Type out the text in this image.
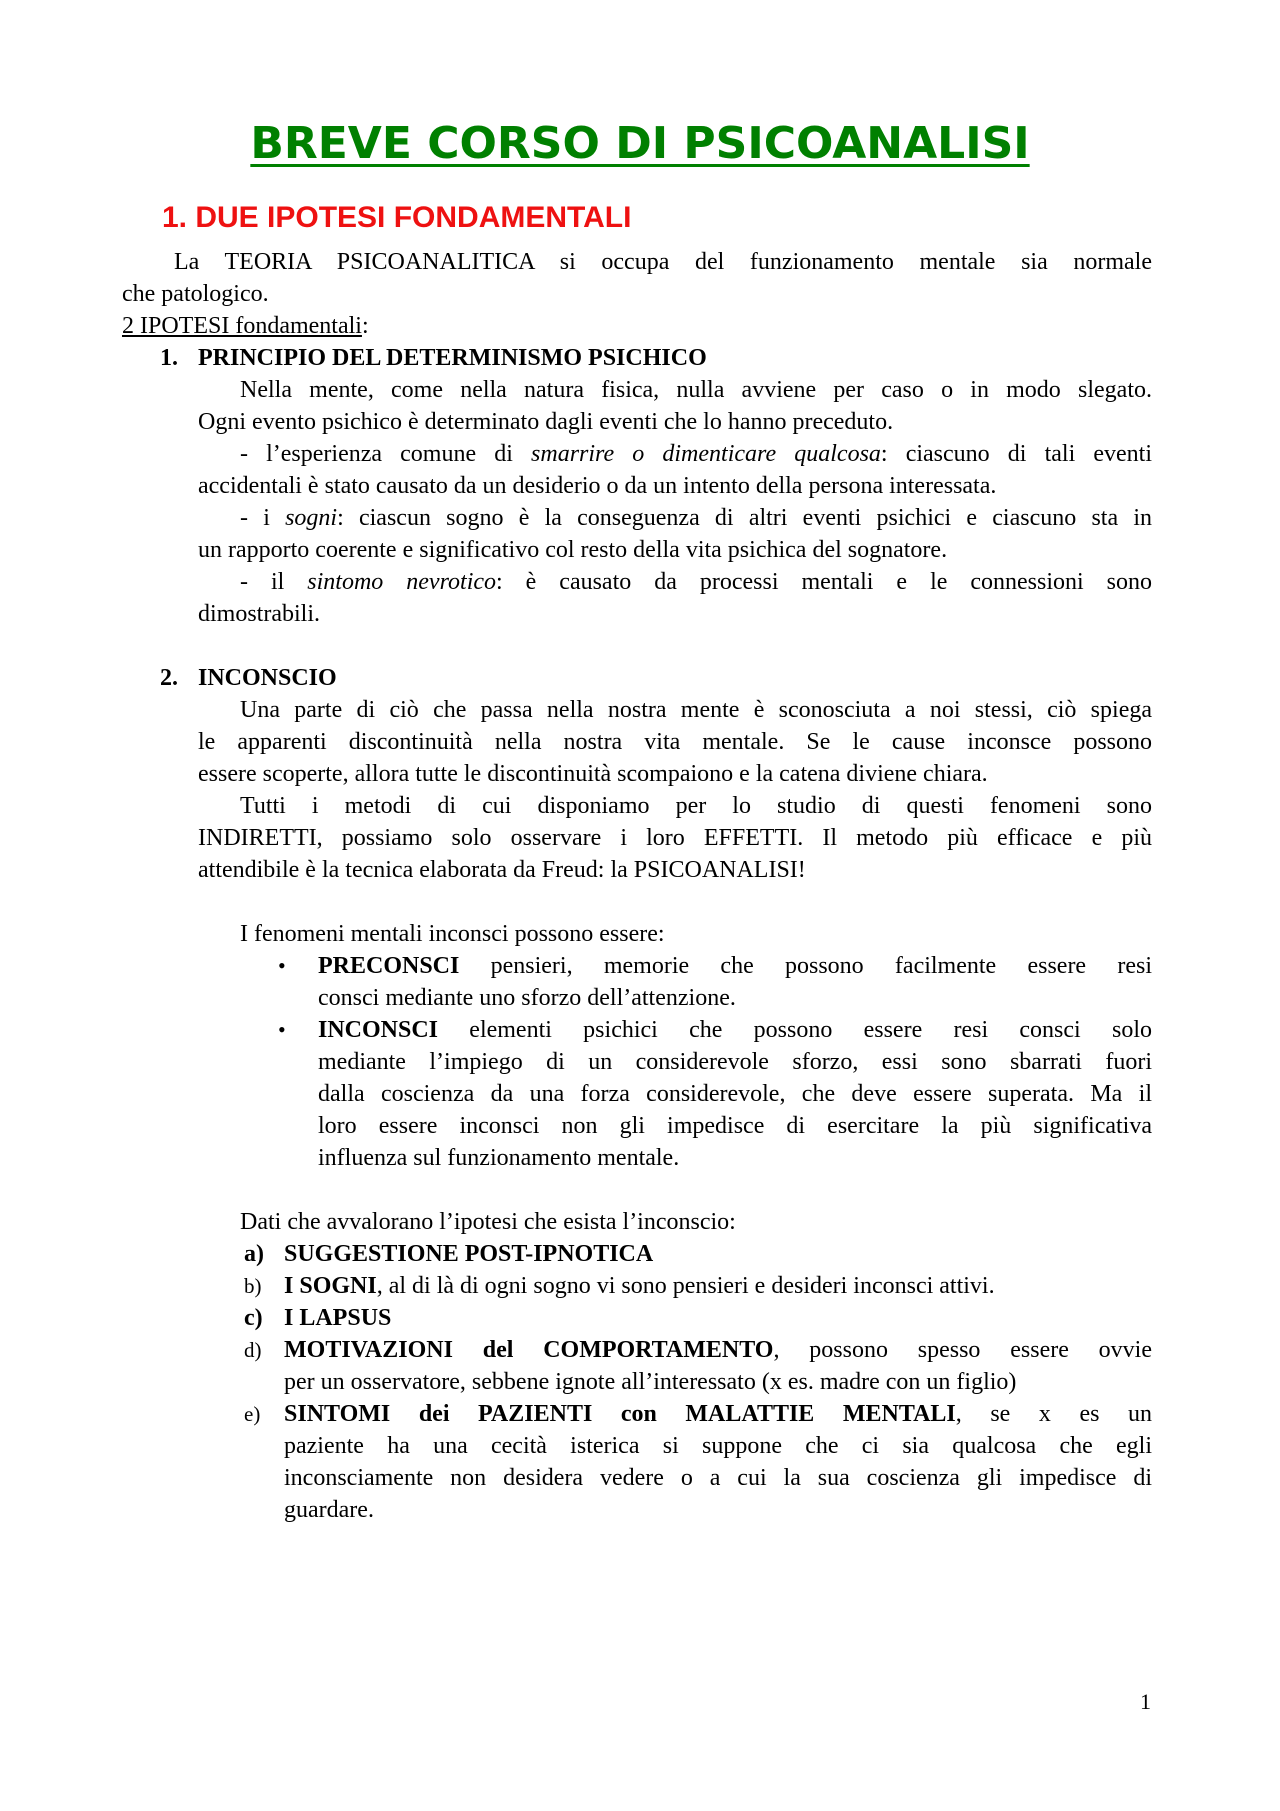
BREVE CORSO DI PSICOANALISI
1. DUE IPOTESI FONDAMENTALI

La TEORIA PSICOANALITICA si occupa del funzionamento mentale sia normale

che patologico.

2 IPOTESI fondamentali:

1. PRINCIPIO DEL DETERMINISMO PSICHICO

Nella mente, come nella natura fisica, nulla avviene per caso o in modo slegato.

Ogni evento psichico è determinato dagli eventi che lo hanno preceduto.

- l’esperienza comune di smarrire o dimenticare qualcosa: ciascuno di tali eventi

accidentali è stato causato da un desiderio o da un intento della persona interessata.

- i sogni: ciascun sogno è la conseguenza di altri eventi psichici e ciascuno sta in

un rapporto coerente e significativo col resto della vita psichica del sognatore.

- il sintomo nevrotico: è causato da processi mentali e le connessioni sono

dimostrabili.

2. INCONSCIO

Una parte di ciò che passa nella nostra mente è sconosciuta a noi stessi, ciò spiega

le apparenti discontinuità nella nostra vita mentale. Se le cause inconsce possono

essere scoperte, allora tutte le discontinuità scompaiono e la catena diviene chiara.

Tutti i metodi di cui disponiamo per lo studio di questi fenomeni sono

INDIRETTI, possiamo solo osservare i loro EFFETTI. Il metodo più efficace e più

attendibile è la tecnica elaborata da Freud: la PSICOANALISI!

I fenomeni mentali inconsci possono essere:

• PRECONSCI pensieri, memorie che possono facilmente essere resi

consci mediante uno sforzo dell’attenzione.

• INCONSCI elementi psichici che possono essere resi consci solo

mediante l’impiego di un considerevole sforzo, essi sono sbarrati fuori

dalla coscienza da una forza considerevole, che deve essere superata. Ma il

loro essere inconsci non gli impedisce di esercitare la più significativa

influenza sul funzionamento mentale.

Dati che avvalorano l’ipotesi che esista l’inconscio:

a) SUGGESTIONE POST-IPNOTICA

b) I SOGNI, al di là di ogni sogno vi sono pensieri e desideri inconsci attivi.

c) I LAPSUS

d) MOTIVAZIONI del COMPORTAMENTO, possono spesso essere ovvie

per un osservatore, sebbene ignote all’interessato (x es. madre con un figlio)

e) SINTOMI dei PAZIENTI con MALATTIE MENTALI, se x es un

paziente ha una cecità isterica si suppone che ci sia qualcosa che egli

inconsciamente non desidera vedere o a cui la sua coscienza gli impedisce di

guardare.

1
